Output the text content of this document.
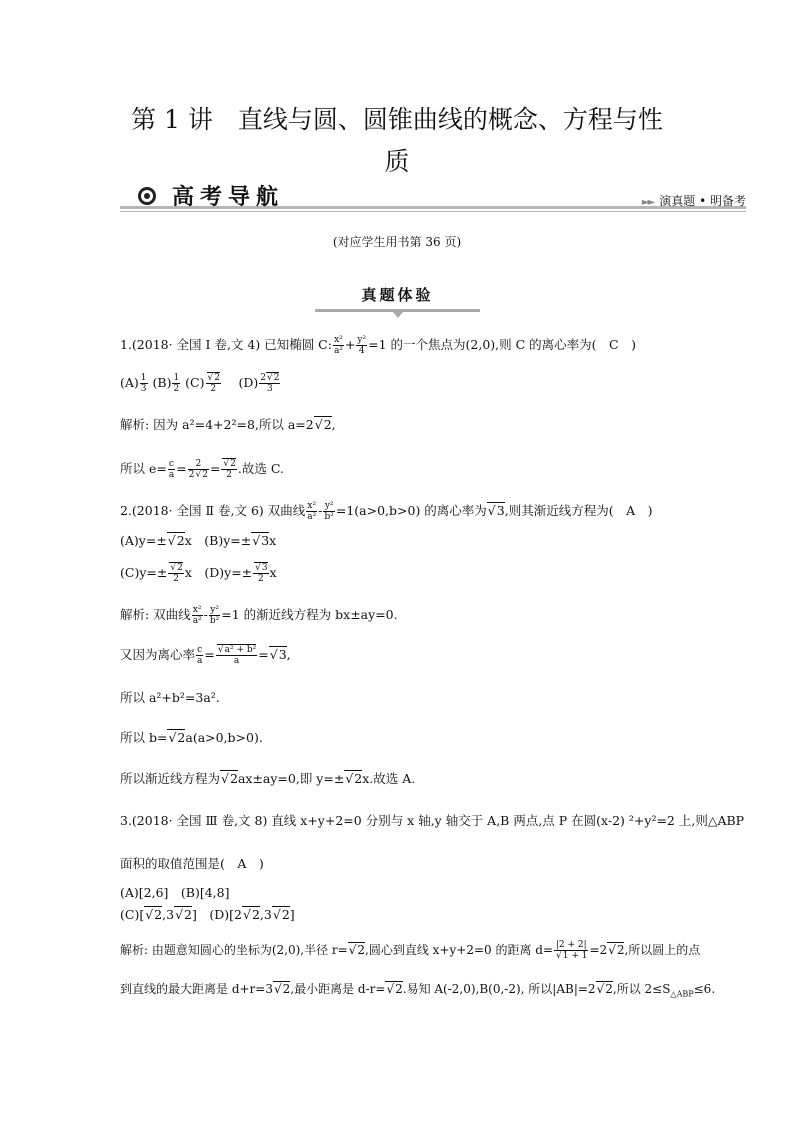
第 1 讲　直线与圆、圆锥曲线的概念、方程与性
质
高考导航	►► 演真题 • 明备考
(对应学生用书第 36 页)
真题体验
1.(2018· 全国 Ⅰ 卷,文 4) 已知椭圆 C: $\frac{\text{x²}}{\text{a²}} + \frac{\text{y²}}{4} =1$ 的一个焦点为(2,0),则 C 的离心率为(　C　)
$(A) \frac{1}{3} (B) \frac{1}{2} (C)$ √ $\frac{2}{2}$ 　$(D) \frac{2 √ 2}{3}$
解析: 因为 a²=4+2²=8,所以 a=2 √ 2,
所以 $e= \frac{c}{a} = \frac{2}{2 √ 2}$ = √ $\frac{2}{2}$ .故选 C.
2.(2018· 全国 Ⅱ 卷,文 6) 双曲线 $\frac{\text{x²}}{\text{a²}} - \frac{\text{y²}}{\text{b²}} =1(a>0,b>0)$ 的离心率为 √ 3,则其渐近线方程为(　A　)
(A)y=± √ 2x　(B)y=± √ 3x
(C)y=± √ $\frac{2}{2}$ x　(D)y=± √ $\frac{3}{2}$ x
解析: 双曲线 $\frac{\text{x²}}{\text{a²}} - \frac{\text{y²}}{\text{b²}} =1$ 的渐近线方程为 bx±ay=0.
又因为离心率 $\frac{c}{a}$ = √ $\frac{\text{a² + b²}}{a}$ = √ 3,
所以 a²+b²=3a².
所以 b= √ 2a(a>0,b>0).
所以渐近线方程为 √ 2ax±ay=0,即 y=± √ 2x.故选 A.
3.(2018· 全国 Ⅲ 卷,文 8) 直线 x+y+2=0 分别与 x 轴,y 轴交于 A,B 两点,点 P 在圆(x-2) ²+y²=2 上,则△ABP
面积的取值范围是(　A　)
(A)[2,6]　(B)[4,8]
(C)[ √ 2,3 √ 2]　(D)[2 √ 2,3 √ 2]
解析: 由题意知圆心的坐标为(2,0),半径 r= √ 2,圆心到直线 x+y+2=0 的距离 d= |2 + 2|
√ 1 + 1 =2 √ 2,所以圆上的点
到直线的最大距离是 d+r=3 √ 2,最小距离是 d-r= √ 2.易知 A(-2,0),B(0,-2), 所以|AB|=2 √ 2,所以 $2\le S_{\triangle ABP}\le 6$.
